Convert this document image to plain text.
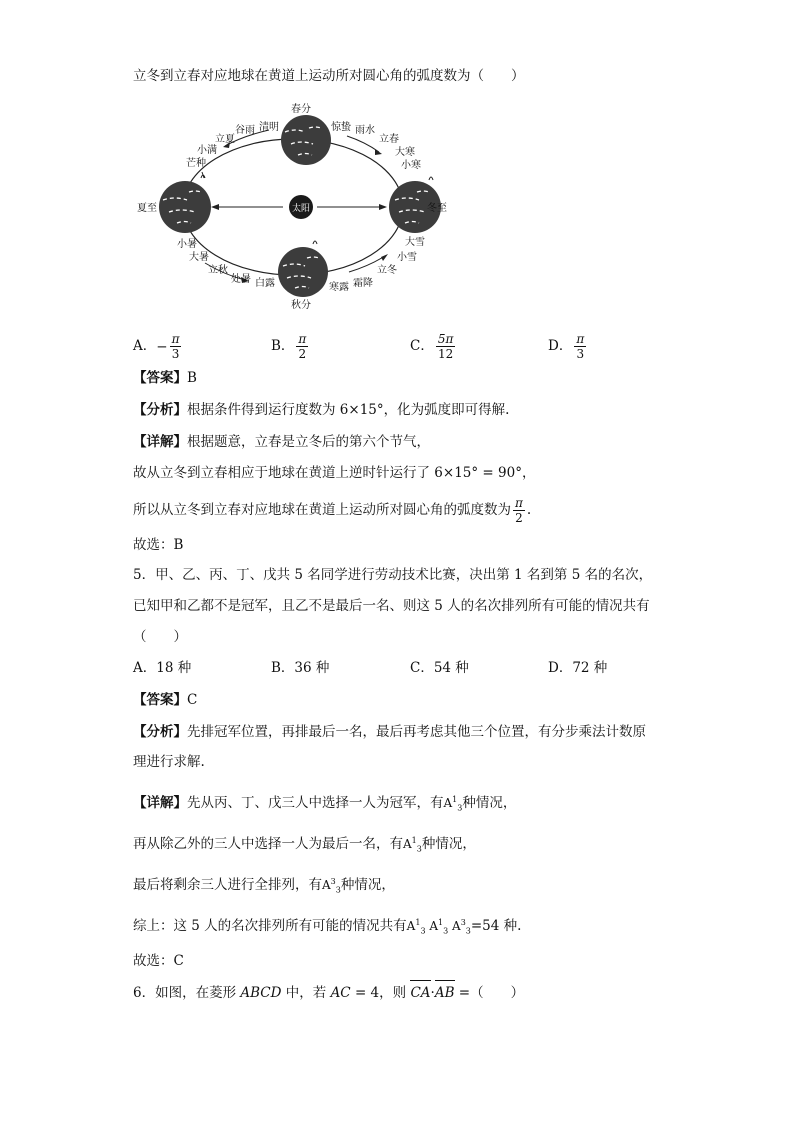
立冬到立春对应地球在黄道上运动所对圆心角的弧度数为（　　）
太阳
春分
清明
谷雨
立夏
小满
芒种
夏至
小暑
大暑
立秋
处暑 白露
秋分
寒露 霜降
立冬
小雪
大雪
冬至
小寒
大寒
立春
雨水
惊蛰
A．− $\frac{\pi}{3}$	B． $\frac{\pi}{2}$	C． $\frac{5\pi}{12}$	D． $\frac{\pi}{3}$
【答案】B
【分析】根据条件得到运行度数为 6×15°，化为弧度即可得解.
【详解】根据题意，立春是立冬后的第六个节气，
故从立冬到立春相应于地球在黄道上逆时针运行了 6×15° = 90°，
所以从立冬到立春对应地球在黄道上运动所对圆心角的弧度数为 $\frac{\pi}{2}$ .
故选：B
5．甲、乙、丙、丁、戊共 5 名同学进行劳动技术比赛，决出第 1 名到第 5 名的名次，
已知甲和乙都不是冠军，且乙不是最后一名、则这 5 人的名次排列所有可能的情况共有
（　　）
A．18 种	B．36 种	C．54 种	D．72 种
【答案】C
【分析】先排冠军位置，再排最后一名，最后再考虑其他三个位置，有分步乘法计数原
理进行求解.
【详解】先从丙、丁、戊三人中选择一人为冠军，有$A^1_3$种情况，
再从除乙外的三人中选择一人为最后一名，有$A^1_3$种情况，
最后将剩余三人进行全排列，有$A^3_3$种情况，
综上：这 5 人的名次排列所有可能的情况共有$A^1_3$ $A^1_3$ $A^3_3=54$ 种.
故选：C
6．如图，在菱形 ABCD 中，若 AC = 4，则 CA·AB =（　　）
